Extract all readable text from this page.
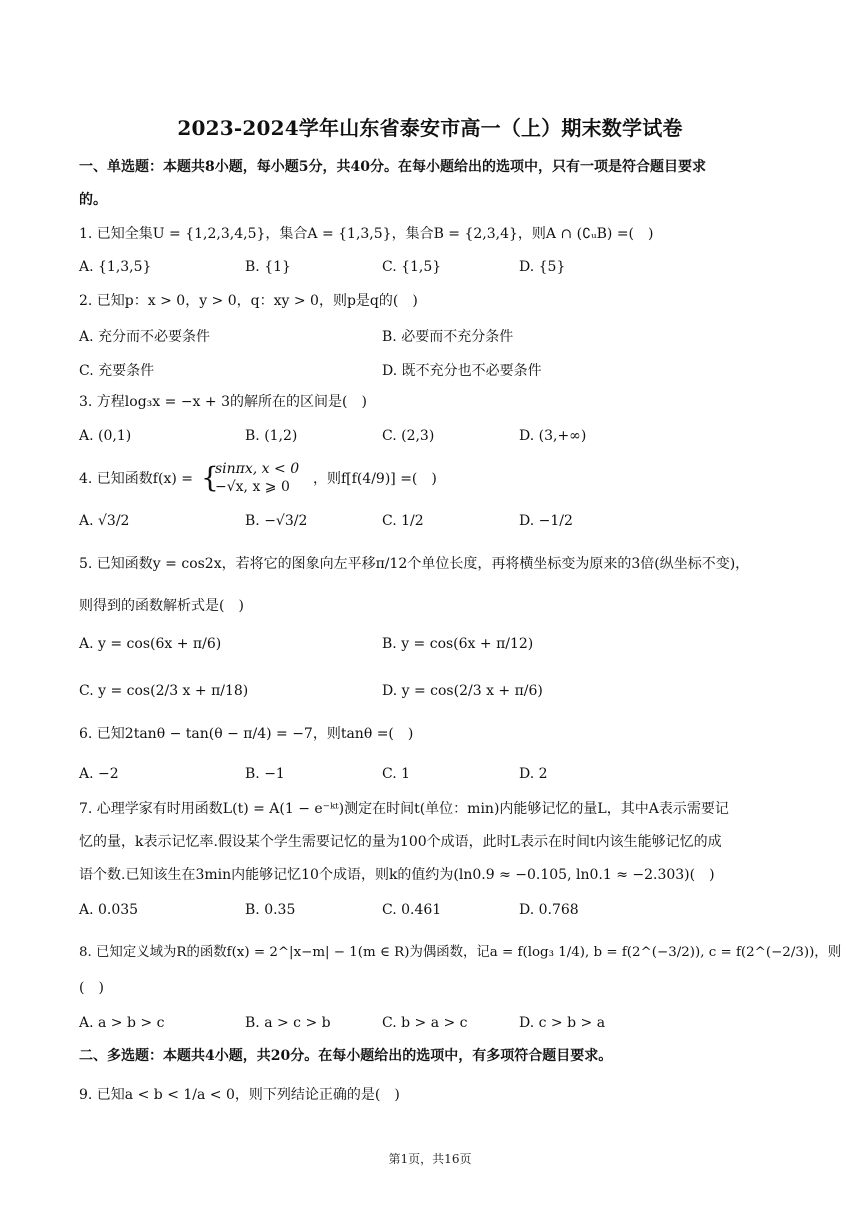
2023-2024学年山东省泰安市高一（上）期末数学试卷
一、单选题：本题共8小题，每小题5分，共40分。在每小题给出的选项中，只有一项是符合题目要求
的。
1. 已知全集U = {1,2,3,4,5}，集合A = {1,3,5}，集合B = {2,3,4}，则A ∩ (∁ᵤB) =(　)
A. {1,3,5}	B. {1}	C. {1,5}	D. {5}
2. 已知p：x > 0，y > 0，q：xy > 0，则p是q的(　)
A. 充分而不必要条件	B. 必要而不充分条件
C. 充要条件	D. 既不充分也不必要条件
3. 方程log₃x = −x + 3的解所在的区间是(　)
A. (0,1)	B. (1,2)	C. (2,3)	D. (3,+∞)
4. 已知函数f(x) = {
sinπx, x < 0
−√x, x ⩾ 0 ，则f[f(4/9)] =(　)
A. √3/2	B. −√3/2	C. 1/2	D. −1/2
5. 已知函数y = cos2x，若将它的图象向左平移π/12个单位长度，再将横坐标变为原来的3倍(纵坐标不变)，
则得到的函数解析式是(　)
A. y = cos(6x + π/6)	B. y = cos(6x + π/12)
C. y = cos(2/3 x + π/18)	D. y = cos(2/3 x + π/6)
6. 已知2tanθ − tan(θ − π/4) = −7，则tanθ =(　)
A. −2	B. −1	C. 1	D. 2
7. 心理学家有时用函数L(t) = A(1 − e⁻ᵏᵗ)测定在时间t(单位：min)内能够记忆的量L，其中A表示需要记
忆的量，k表示记忆率.假设某个学生需要记忆的量为100个成语，此时L表示在时间t内该生能够记忆的成
语个数.已知该生在3min内能够记忆10个成语，则k的值约为(ln0.9 ≈ −0.105, ln0.1 ≈ −2.303)(　)
A. 0.035	B. 0.35	C. 0.461	D. 0.768
8. 已知定义域为R的函数f(x) = 2^|x−m| − 1(m ∈ R)为偶函数，记a = f(log₃ 1/4), b = f(2^(−3/2)), c = f(2^(−2/3))，则
(　)
A. a > b > c	B. a > c > b	C. b > a > c	D. c > b > a
二、多选题：本题共4小题，共20分。在每小题给出的选项中，有多项符合题目要求。
9. 已知a < b < 1/a < 0，则下列结论正确的是(　)
第1页，共16页
